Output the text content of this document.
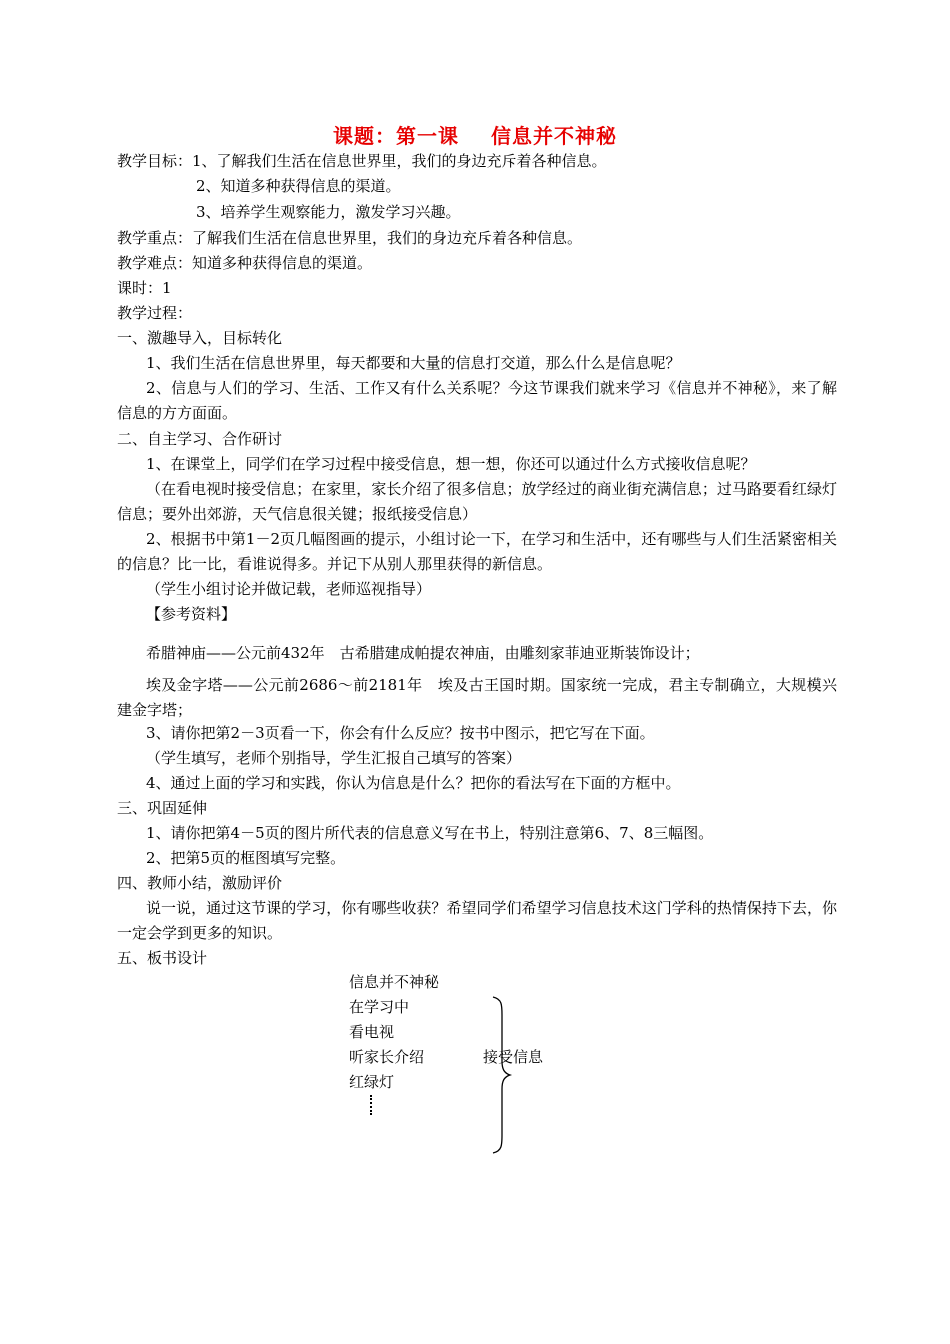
课题：第一课 信息并不神秘
教学目标：1、了解我们生活在信息世界里，我们的身边充斥着各种信息。
2、知道多种获得信息的渠道。
3、培养学生观察能力，激发学习兴趣。
教学重点：了解我们生活在信息世界里，我们的身边充斥着各种信息。
教学难点：知道多种获得信息的渠道。
课时：1
教学过程：
一、激趣导入，目标转化
1、我们生活在信息世界里，每天都要和大量的信息打交道，那么什么是信息呢？
2、信息与人们的学习、生活、工作又有什么关系呢？今这节课我们就来学习《信息并不神秘》，来了解信息的方方面面。
二、自主学习、合作研讨
1、在课堂上，同学们在学习过程中接受信息，想一想，你还可以通过什么方式接收信息呢？
（在看电视时接受信息；在家里，家长介绍了很多信息；放学经过的商业街充满信息；过马路要看红绿灯信息；要外出郊游，天气信息很关键；报纸接受信息）
2、根据书中第1－2页几幅图画的提示，小组讨论一下，在学习和生活中，还有哪些与人们生活紧密相关的信息？比一比，看谁说得多。并记下从别人那里获得的新信息。
（学生小组讨论并做记载，老师巡视指导）
【参考资料】
希腊神庙——公元前432年　古希腊建成帕提农神庙，由雕刻家菲迪亚斯装饰设计；
埃及金字塔——公元前2686～前2181年　埃及古王国时期。国家统一完成，君主专制确立，大规模兴建金字塔；
3、请你把第2－3页看一下，你会有什么反应？按书中图示，把它写在下面。
（学生填写，老师个别指导，学生汇报自己填写的答案）
4、通过上面的学习和实践，你认为信息是什么？把你的看法写在下面的方框中。
三、巩固延伸
1、请你把第4－5页的图片所代表的信息意义写在书上，特别注意第6、7、8三幅图。
2、把第5页的框图填写完整。
四、教师小结，激励评价
说一说，通过这节课的学习，你有哪些收获？希望同学们希望学习信息技术这门学科的热情保持下去，你一定会学到更多的知识。
五、板书设计
信息并不神秘
在学习中
看电视
听家长介绍
红绿灯
接受信息
